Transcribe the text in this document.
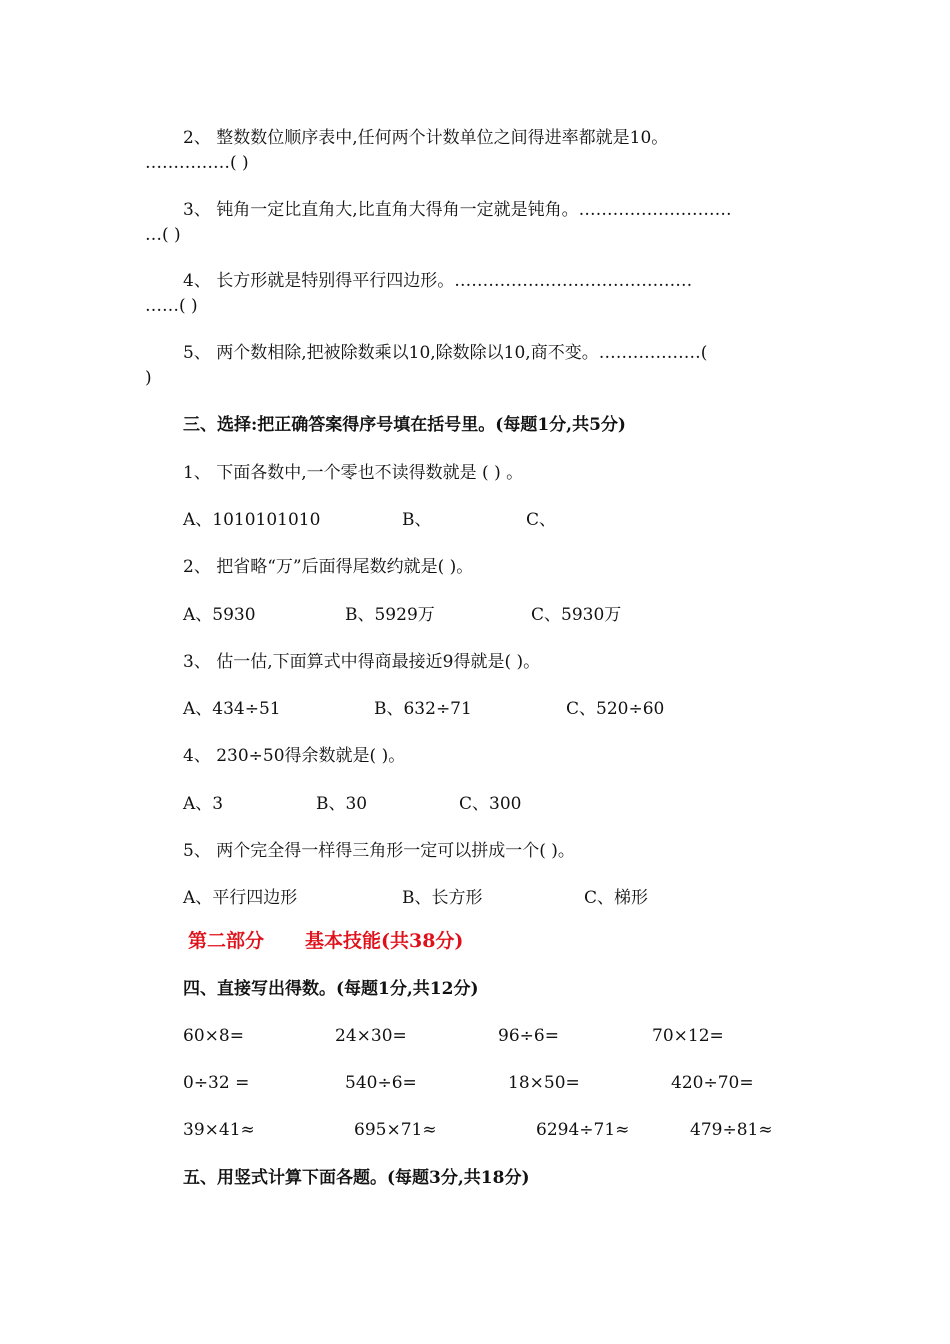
2、 整数数位顺序表中,任何两个计数单位之间得进率都就是10。
……………( )
3、 钝角一定比直角大,比直角大得角一定就是钝角。………………………
…( )
4、 长方形就是特别得平行四边形。……………………………………
……( )
5、 两个数相除,把被除数乘以10,除数除以10,商不变。………………(
)
三、选择:把正确答案得序号填在括号里。(每题1分,共5分)
1、 下面各数中,一个零也不读得数就是 ( ) 。
A、1010101010	B、	C、
2、 把省略“万”后面得尾数约就是( )。
A、5930	B、5929万	C、5930万
3、 估一估,下面算式中得商最接近9得就是( )。
A、434÷51	B、632÷71	C、520÷60
4、 230÷50得余数就是( )。
A、3	B、30	C、300
5、 两个完全得一样得三角形一定可以拼成一个( )。
A、平行四边形	B、长方形	C、梯形
第二部分 基本技能(共38分)
四、直接写出得数。(每题1分,共12分)
60×8=	24×30=	96÷6=	70×12=
0÷32 =	540÷6=	18×50=	420÷70=
39×41≈	695×71≈	6294÷71≈	479÷81≈
五、用竖式计算下面各题。(每题3分,共18分)
